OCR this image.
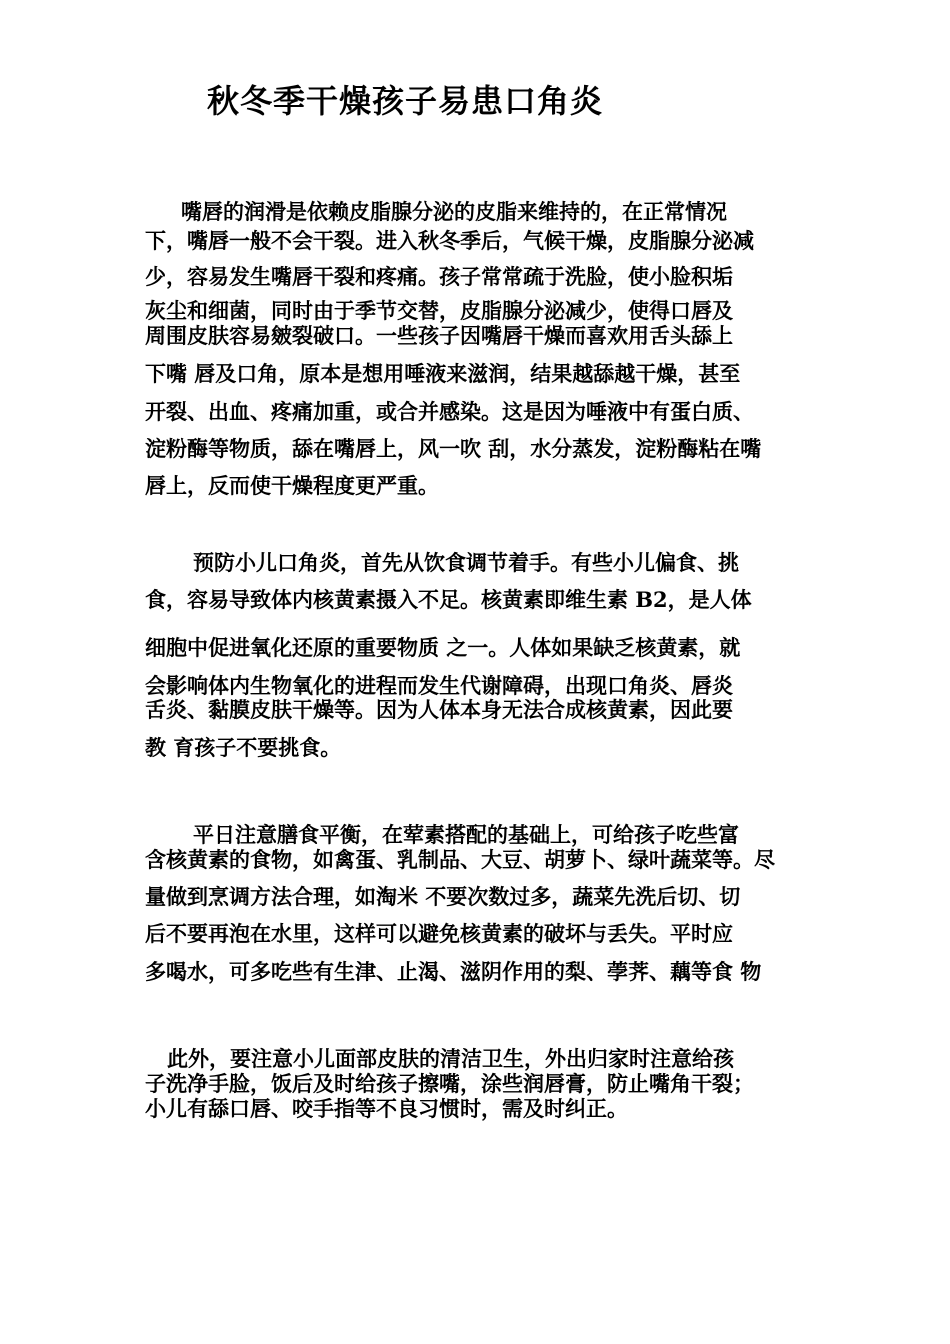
秋冬季干燥孩子易患口角炎
嘴唇的润滑是依赖皮脂腺分泌的皮脂来维持的，在正常情况
下，嘴唇一般不会干裂。进入秋冬季后，气候干燥，皮脂腺分泌减
少，容易发生嘴唇干裂和疼痛。孩子常常疏于洗脸，使小脸积垢
灰尘和细菌，同时由于季节交替，皮脂腺分泌减少，使得口唇及
周围皮肤容易皴裂破口。一些孩子因嘴唇干燥而喜欢用舌头舔上
下嘴 唇及口角，原本是想用唾液来滋润，结果越舔越干燥，甚至
开裂、出血、疼痛加重，或合并感染。这是因为唾液中有蛋白质、
淀粉酶等物质，舔在嘴唇上，风一吹 刮，水分蒸发，淀粉酶粘在嘴
唇上，反而使干燥程度更严重。
预防小儿口角炎，首先从饮食调节着手。有些小儿偏食、挑
食，容易导致体内核黄素摄入不足。核黄素即维生素 B2，是人体
细胞中促进氧化还原的重要物质 之一。人体如果缺乏核黄素，就
会影响体内生物氧化的进程而发生代谢障碍，出现口角炎、唇炎
舌炎、黏膜皮肤干燥等。因为人体本身无法合成核黄素，因此要
教 育孩子不要挑食。
平日注意膳食平衡，在荤素搭配的基础上，可给孩子吃些富
含核黄素的食物，如禽蛋、乳制品、大豆、胡萝卜、绿叶蔬菜等。尽
量做到烹调方法合理，如淘米 不要次数过多，蔬菜先洗后切、切
后不要再泡在水里，这样可以避免核黄素的破坏与丢失。平时应
多喝水，可多吃些有生津、止渴、滋阴作用的梨、荸荠、藕等食 物
此外，要注意小儿面部皮肤的清洁卫生，外出归家时注意给孩
子洗净手脸，饭后及时给孩子擦嘴，涂些润唇膏，防止嘴角干裂；
小儿有舔口唇、咬手指等不良习惯时，需及时纠正。
